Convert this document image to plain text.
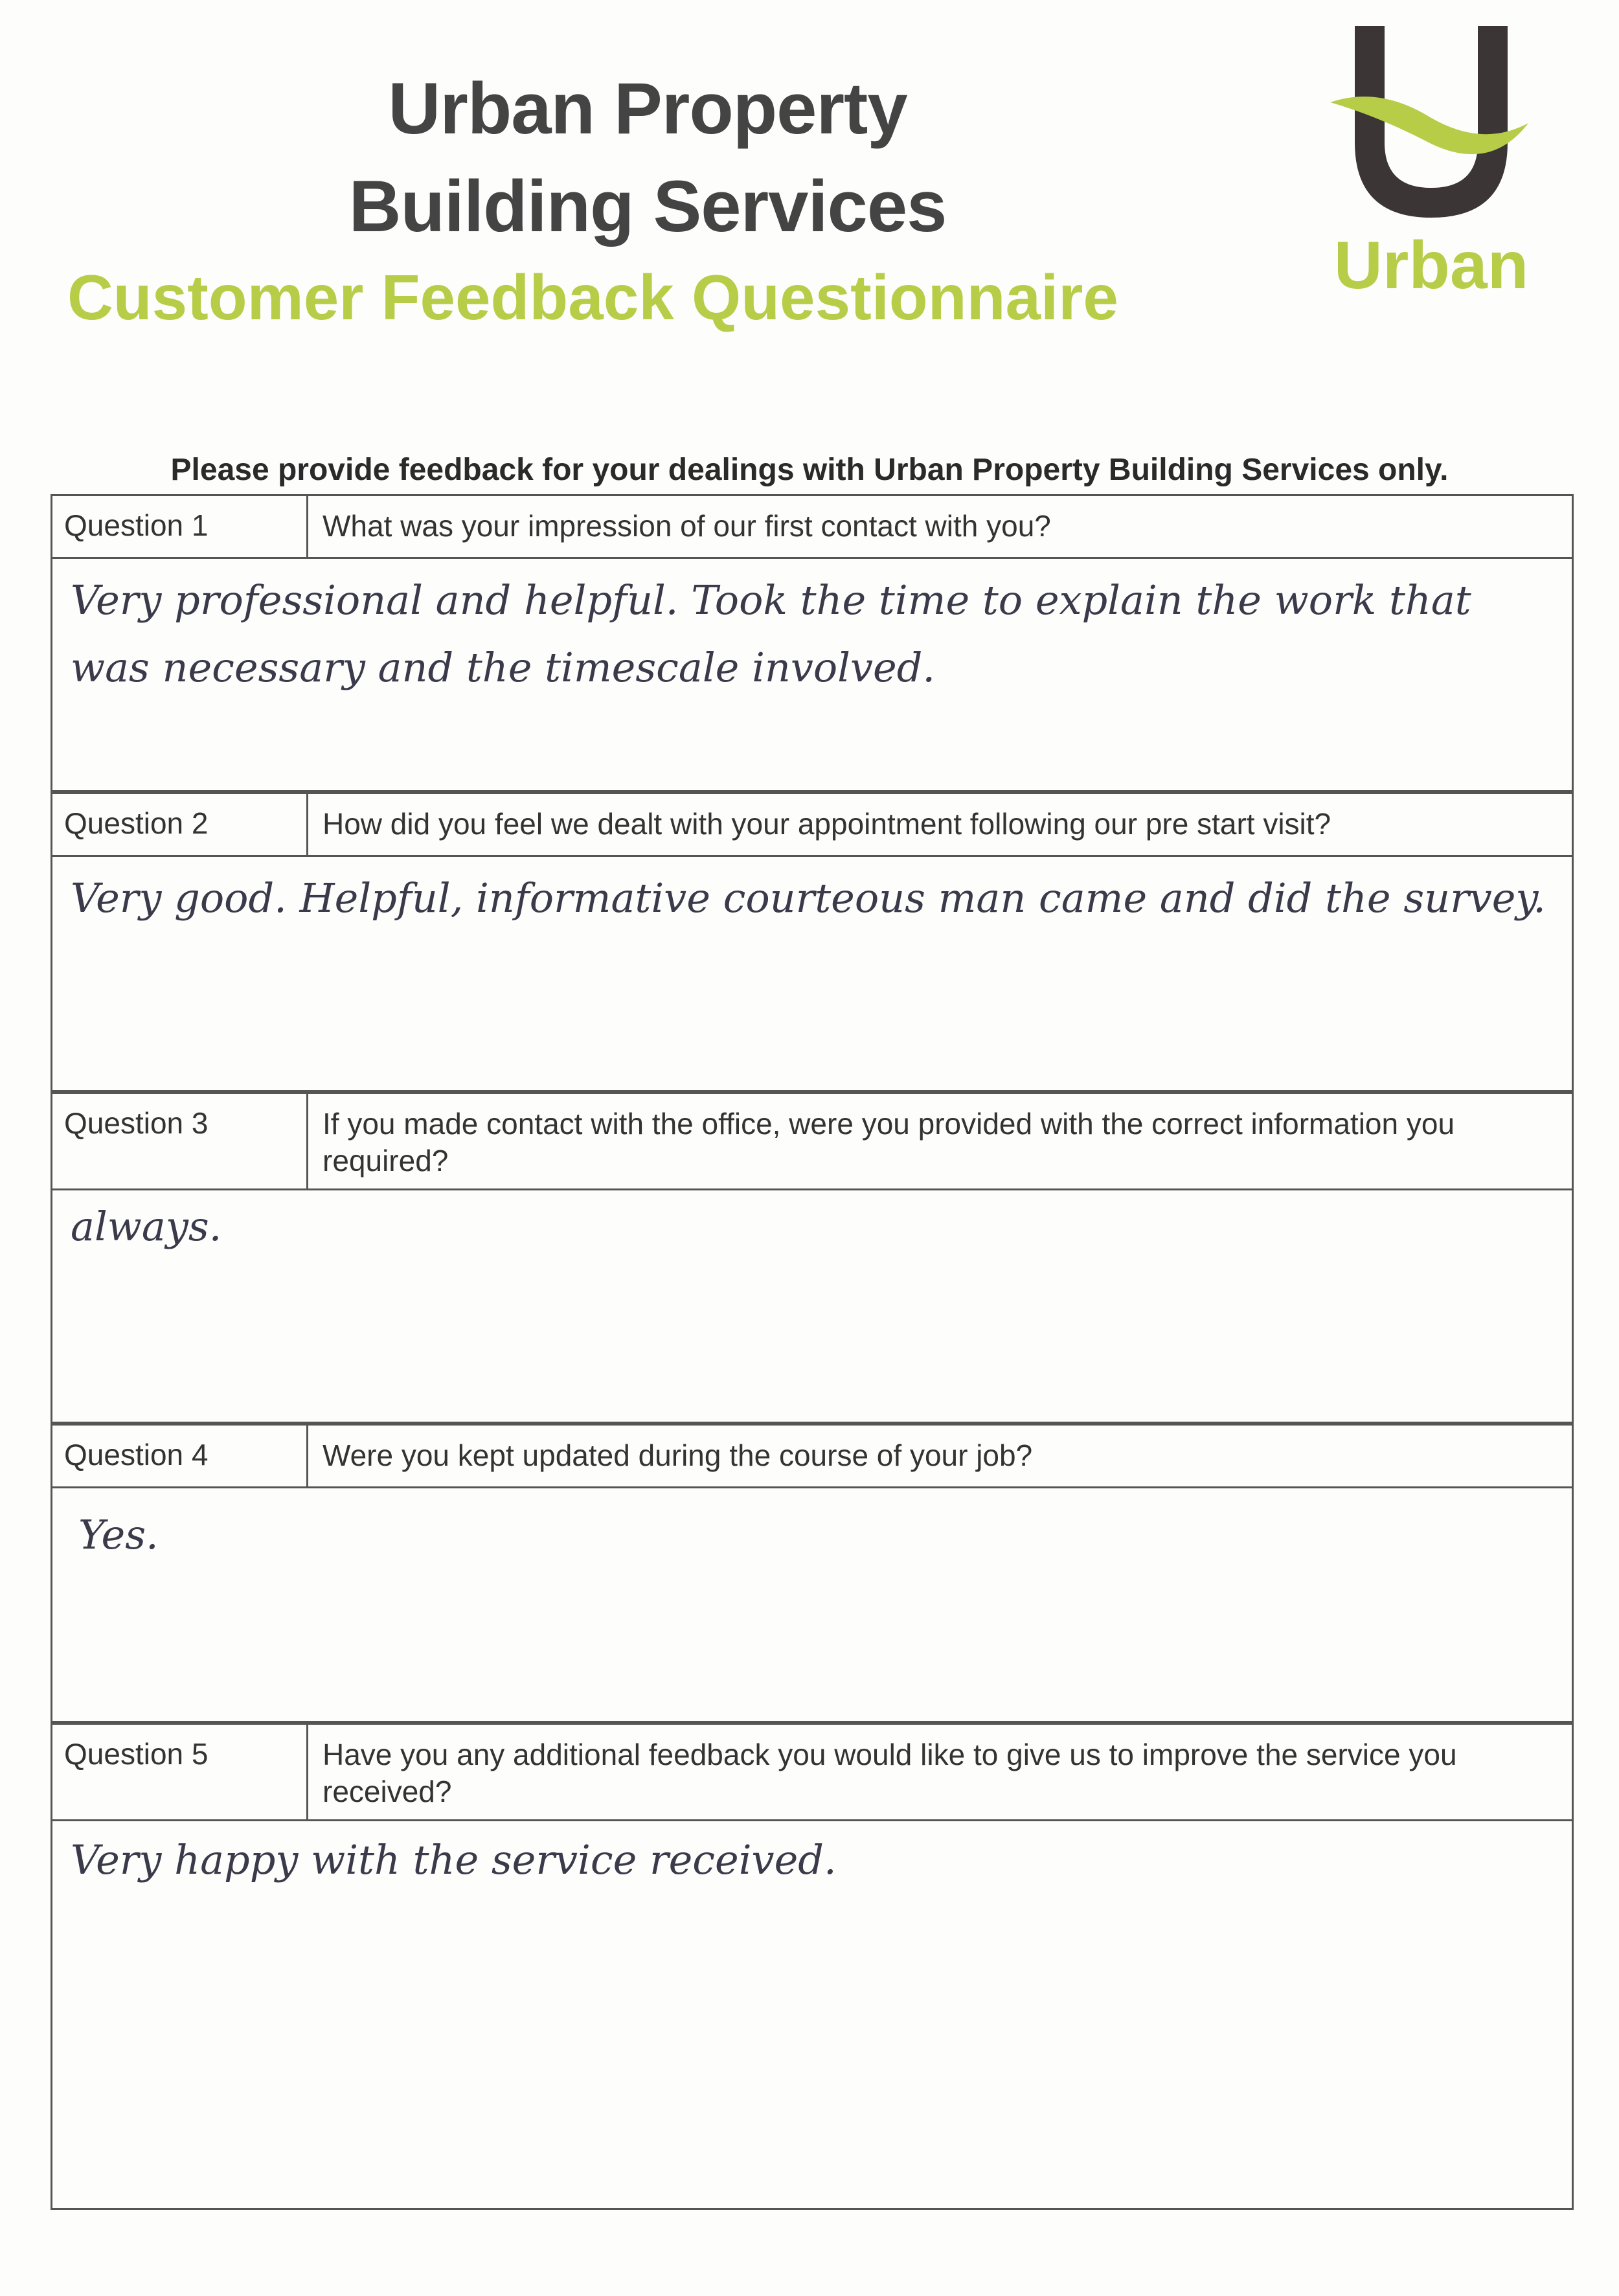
Urban Property
Building Services
Customer Feedback Questionnaire	Urban
Please provide feedback for your dealings with Urban Property Building Services only.
Question 1	What was your impression of our first contact with you?
Very professional and helpful. Took the time to explain the work that was necessary and the timescale involved.
Question 2	How did you feel we dealt with your appointment following our pre start visit?
Very good. Helpful, informative courteous man came and did the survey.
Question 3	If you made contact with the office, were you provided with the correct information you required?
always.
Question 4	Were you kept updated during the course of your job?
Yes.
Question 5	Have you any additional feedback you would like to give us to improve the service you received?
Very happy with the service received.
